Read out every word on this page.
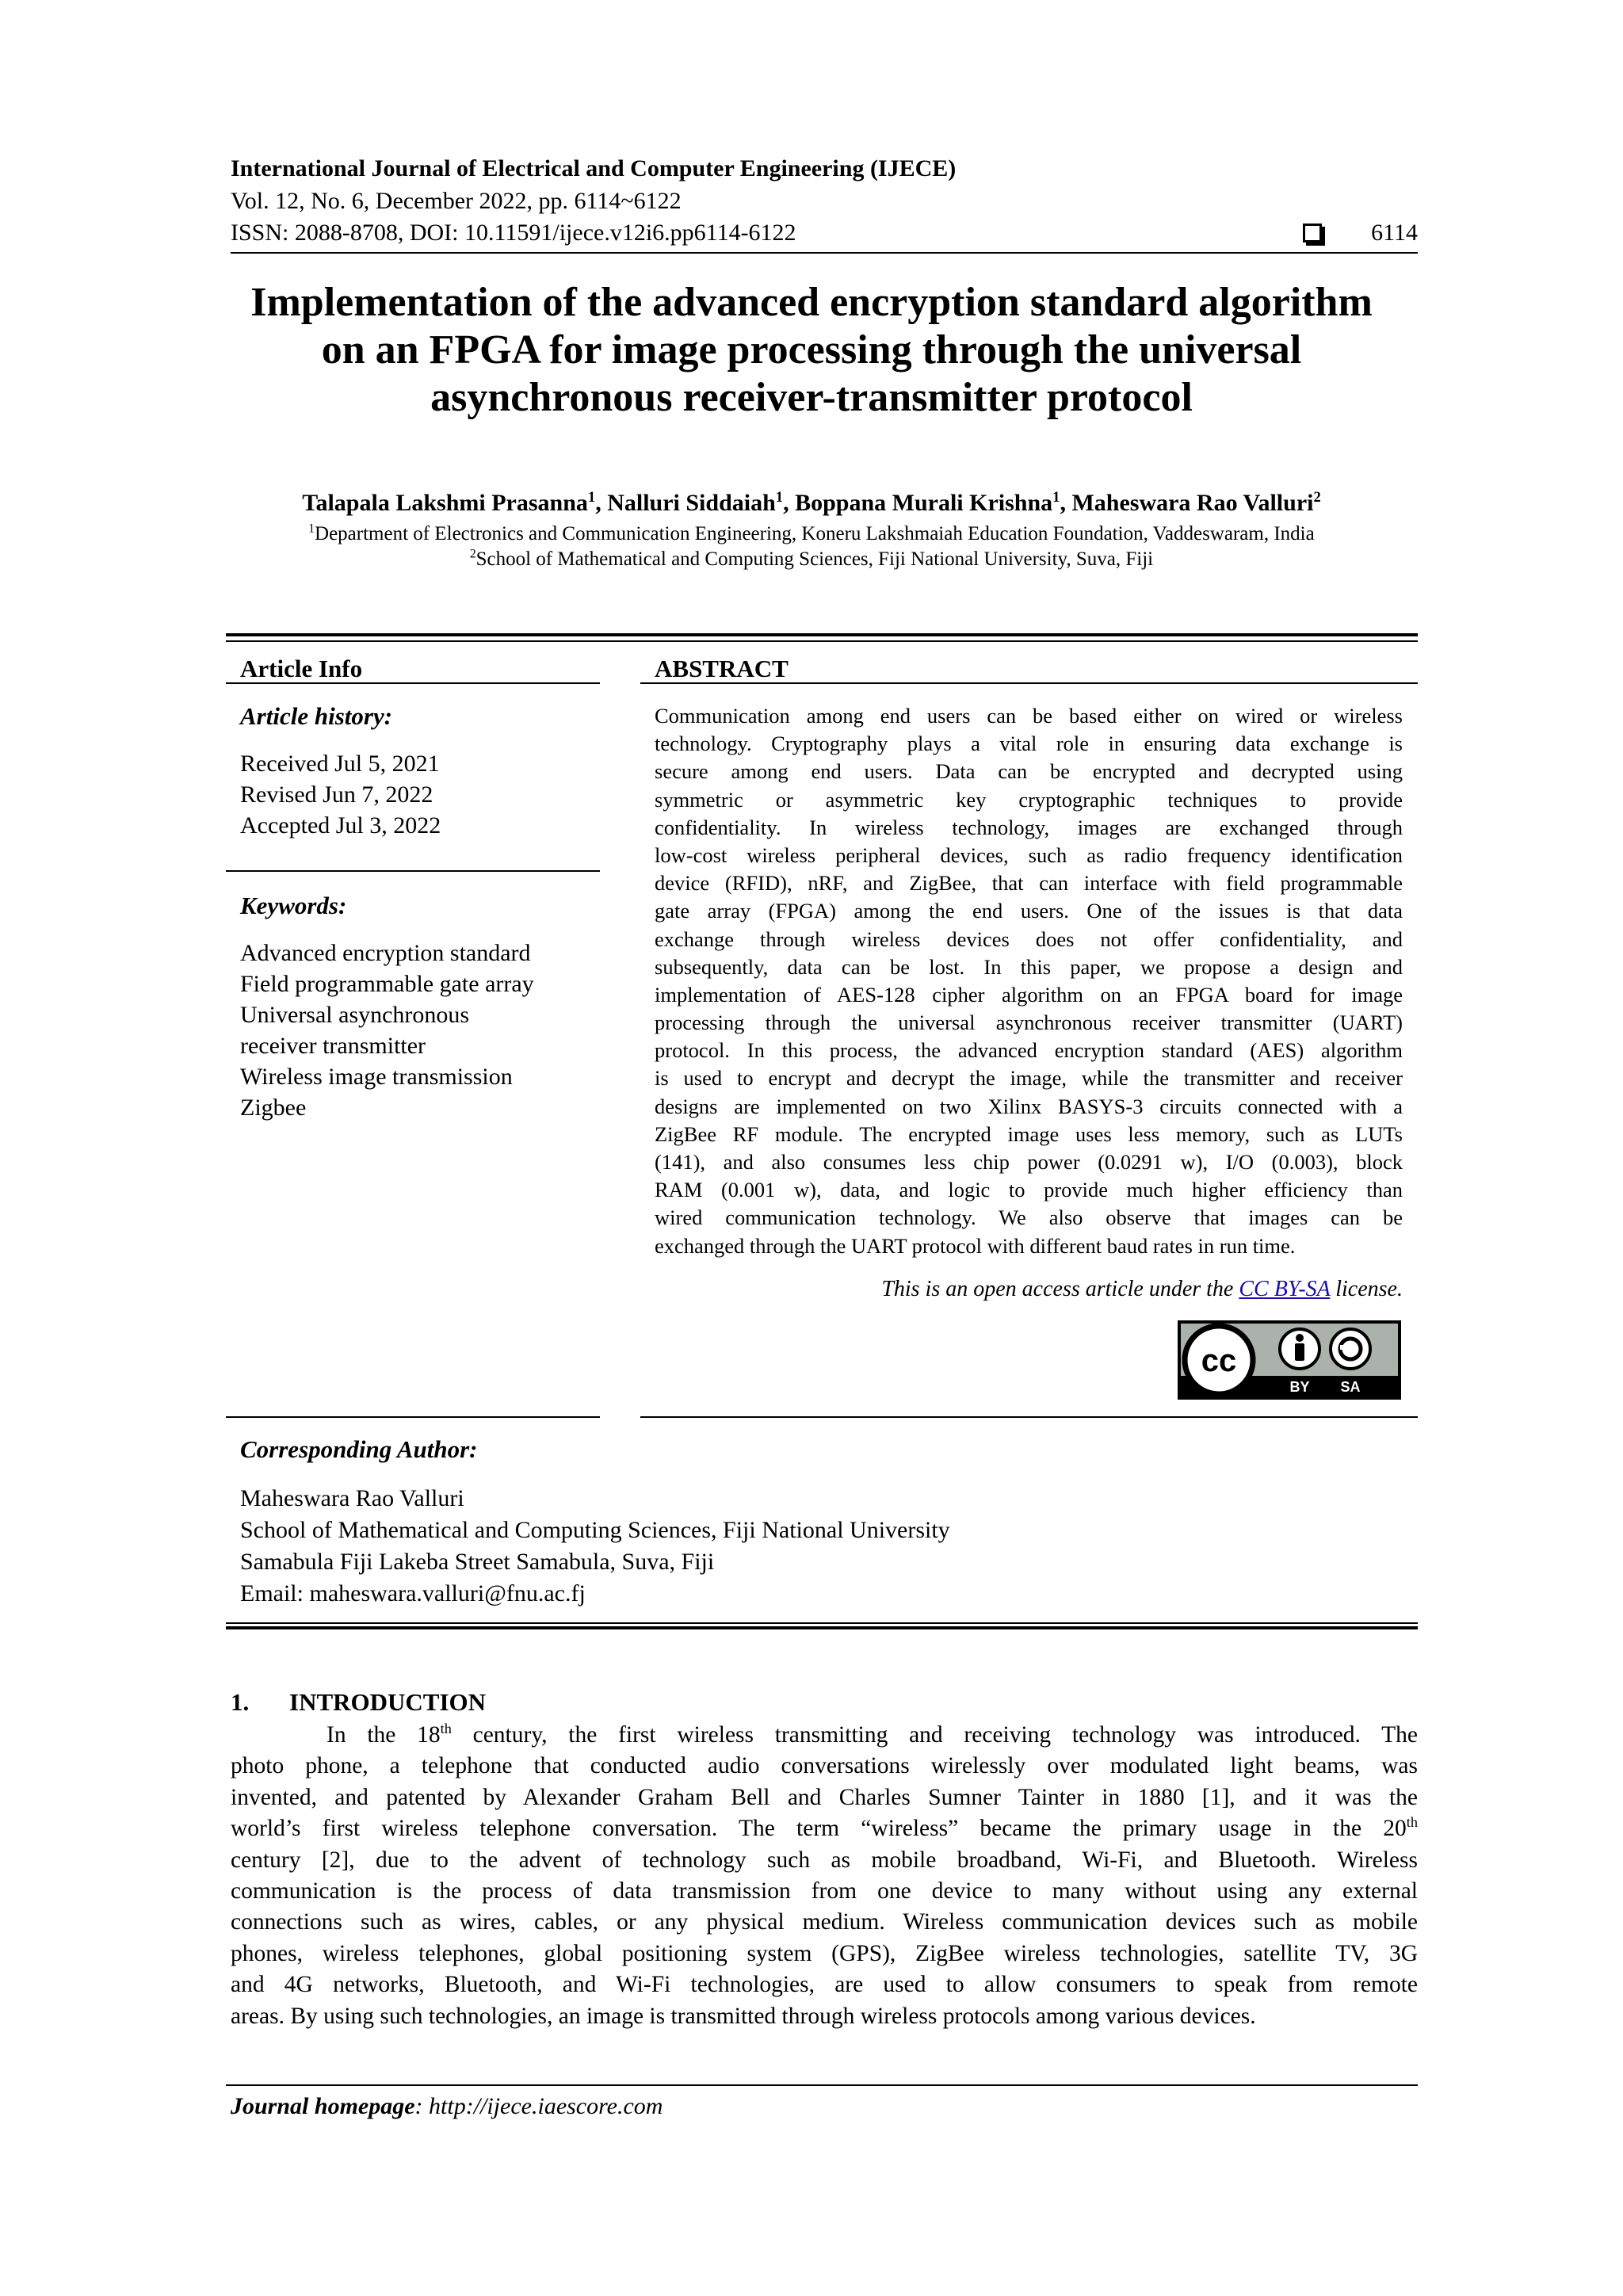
International Journal of Electrical and Computer Engineering (IJECE)
Vol. 12, No. 6, December 2022, pp. 6114~6122
ISSN: 2088-8708, DOI: 10.11591/ijece.v12i6.pp6114-6122	6114
Implementation of the advanced encryption standard algorithm
on an FPGA for image processing through the universal
asynchronous receiver-transmitter protocol
Talapala Lakshmi Prasanna$^1$, Nalluri Siddaiah$^1$, Boppana Murali Krishna$^1$, Maheswara Rao Valluri$^2$
$^1$Department of Electronics and Communication Engineering, Koneru Lakshmaiah Education Foundation, Vaddeswaram, India
$^2$School of Mathematical and Computing Sciences, Fiji National University, Suva, Fiji
Article Info
Article history:
Received Jul 5, 2021
Revised Jun 7, 2022
Accepted Jul 3, 2022
Keywords:
Advanced encryption standard
Field programmable gate array
Universal asynchronous
receiver transmitter
Wireless image transmission
Zigbee
ABSTRACT
Communication among end users can be based either on wired or wireless
technology. Cryptography plays a vital role in ensuring data exchange is
secure among end users. Data can be encrypted and decrypted using
symmetric or asymmetric key cryptographic techniques to provide
confidentiality. In wireless technology, images are exchanged through
low-cost wireless peripheral devices, such as radio frequency identification
device (RFID), nRF, and ZigBee, that can interface with field programmable
gate array (FPGA) among the end users. One of the issues is that data
exchange through wireless devices does not offer confidentiality, and
subsequently, data can be lost. In this paper, we propose a design and
implementation of AES-128 cipher algorithm on an FPGA board for image
processing through the universal asynchronous receiver transmitter (UART)
protocol. In this process, the advanced encryption standard (AES) algorithm
is used to encrypt and decrypt the image, while the transmitter and receiver
designs are implemented on two Xilinx BASYS-3 circuits connected with a
ZigBee RF module. The encrypted image uses less memory, such as LUTs
(141), and also consumes less chip power (0.0291 w), I/O (0.003), block
RAM (0.001 w), data, and logic to provide much higher efficiency than
wired communication technology. We also observe that images can be
exchanged through the UART protocol with different baud rates in run time.
This is an open access article under the CC BY-SA license.
cc
BY SA
Corresponding Author:
Maheswara Rao Valluri
School of Mathematical and Computing Sciences, Fiji National University
Samabula Fiji Lakeba Street Samabula, Suva, Fiji
Email: maheswara.valluri@fnu.ac.fj
1. INTRODUCTION
In the 18th century, the first wireless transmitting and receiving technology was introduced. The
photo phone, a telephone that conducted audio conversations wirelessly over modulated light beams, was
invented, and patented by Alexander Graham Bell and Charles Sumner Tainter in 1880 [1], and it was the
world’s first wireless telephone conversation. The term “wireless” became the primary usage in the 20th
century [2], due to the advent of technology such as mobile broadband, Wi-Fi, and Bluetooth. Wireless
communication is the process of data transmission from one device to many without using any external
connections such as wires, cables, or any physical medium. Wireless communication devices such as mobile
phones, wireless telephones, global positioning system (GPS), ZigBee wireless technologies, satellite TV, 3G
and 4G networks, Bluetooth, and Wi-Fi technologies, are used to allow consumers to speak from remote
areas. By using such technologies, an image is transmitted through wireless protocols among various devices.
Journal homepage: http://ijece.iaescore.com
